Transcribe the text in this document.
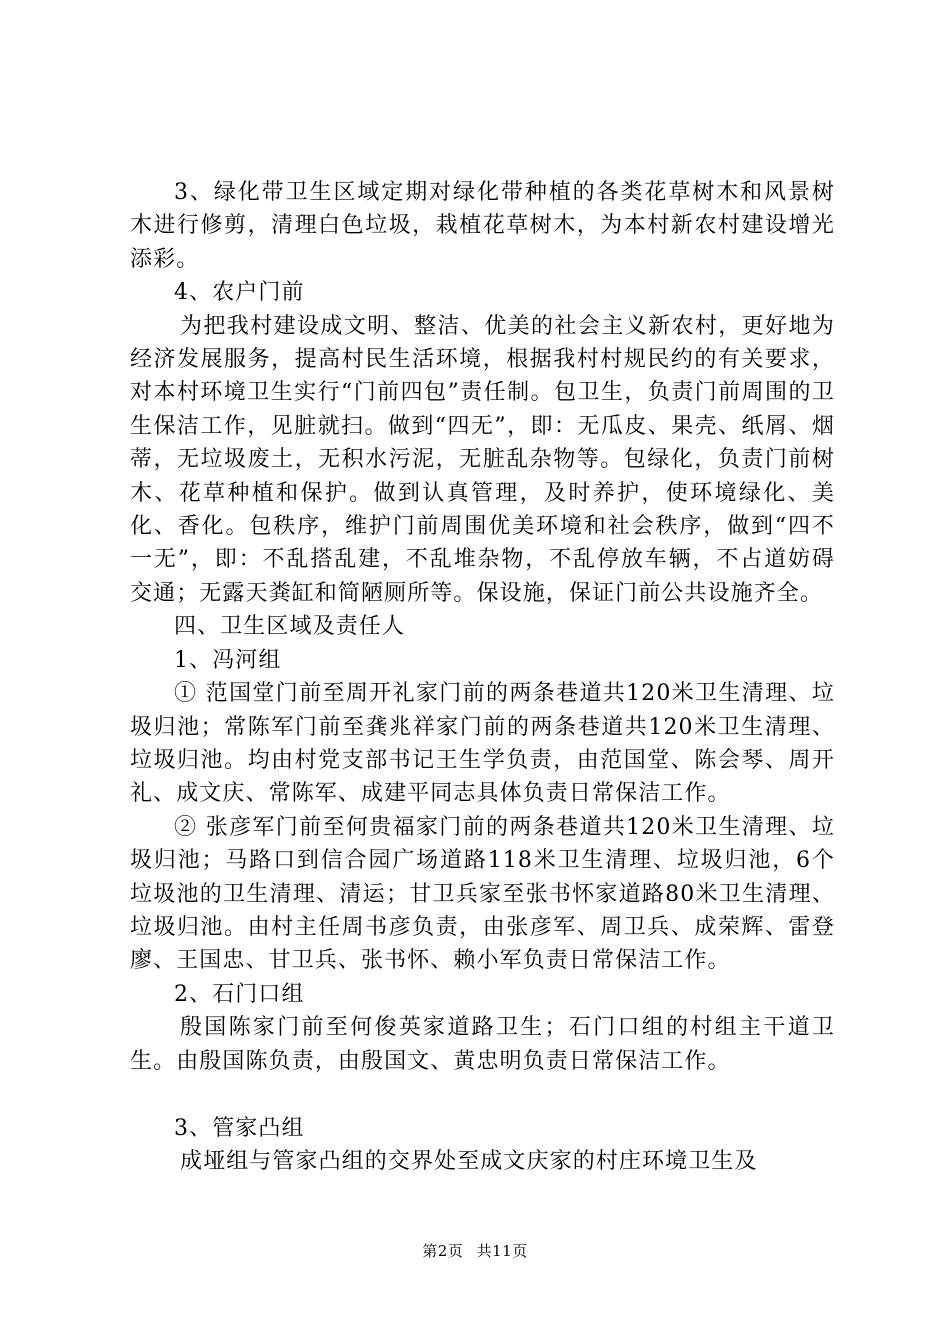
3、绿化带卫生区域定期对绿化带种植的各类花草树木和风景树木进行修剪，清理白色垃圾，栽植花草树木，为本村新农村建设增光添彩。

4、农户门前

为把我村建设成文明、整洁、优美的社会主义新农村，更好地为经济发展服务，提高村民生活环境，根据我村村规民约的有关要求，对本村环境卫生实行“门前四包”责任制。包卫生，负责门前周围的卫生保洁工作，见脏就扫。做到“四无”，即：无瓜皮、果壳、纸屑、烟蒂，无垃圾废土，无积水污泥，无脏乱杂物等。包绿化，负责门前树木、花草种植和保护。做到认真管理，及时养护，使环境绿化、美化、香化。包秩序，维护门前周围优美环境和社会秩序，做到“四不一无”，即：不乱搭乱建，不乱堆杂物，不乱停放车辆，不占道妨碍交通；无露天粪缸和简陋厕所等。保设施，保证门前公共设施齐全。

四、卫生区域及责任人

1、冯河组

① 范国堂门前至周开礼家门前的两条巷道共120米卫生清理、垃圾归池；常陈军门前至龚兆祥家门前的两条巷道共120米卫生清理、垃圾归池。均由村党支部书记王生学负责，由范国堂、陈会琴、周开礼、成文庆、常陈军、成建平同志具体负责日常保洁工作。

② 张彦军门前至何贵福家门前的两条巷道共120米卫生清理、垃圾归池；马路口到信合园广场道路118米卫生清理、垃圾归池，6个垃圾池的卫生清理、清运；甘卫兵家至张书怀家道路80米卫生清理、垃圾归池。由村主任周书彦负责，由张彦军、周卫兵、成荣辉、雷登廖、王国忠、甘卫兵、张书怀、赖小军负责日常保洁工作。

2、石门口组

殷国陈家门前至何俊英家道路卫生；石门口组的村组主干道卫生。由殷国陈负责，由殷国文、黄忠明负责日常保洁工作。

3、管家凸组

成垭组与管家凸组的交界处至成文庆家的村庄环境卫生及

第2页 共11页
